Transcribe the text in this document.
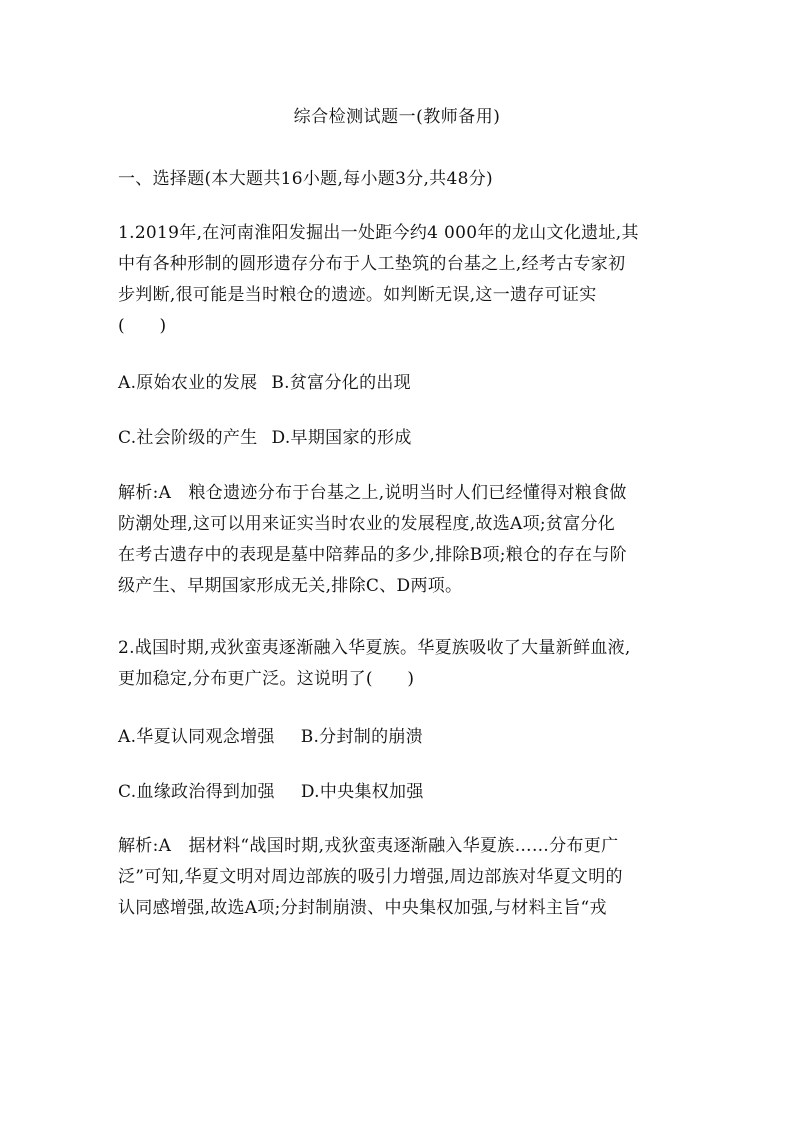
综合检测试题一(教师备用)
一、选择题(本大题共16小题,每小题3分,共48分)
1.2019年,在河南淮阳发掘出一处距今约4 000年的龙山文化遗址,其
中有各种形制的圆形遗存分布于人工垫筑的台基之上,经考古专家初
步判断,很可能是当时粮仓的遗迹。如判断无误,这一遗存可证实
(　　)
A.原始农业的发展 B.贫富分化的出现
C.社会阶级的产生 D.早期国家的形成
解析:A　粮仓遗迹分布于台基之上,说明当时人们已经懂得对粮食做
防潮处理,这可以用来证实当时农业的发展程度,故选A项;贫富分化
在考古遗存中的表现是墓中陪葬品的多少,排除B项;粮仓的存在与阶
级产生、早期国家形成无关,排除C、D两项。
2.战国时期,戎狄蛮夷逐渐融入华夏族。华夏族吸收了大量新鲜血液,
更加稳定,分布更广泛。这说明了(　　)
A.华夏认同观念增强 B.分封制的崩溃
C.血缘政治得到加强 D.中央集权加强
解析:A　据材料“战国时期,戎狄蛮夷逐渐融入华夏族……分布更广
泛”可知,华夏文明对周边部族的吸引力增强,周边部族对华夏文明的
认同感增强,故选A项;分封制崩溃、中央集权加强,与材料主旨“戎
